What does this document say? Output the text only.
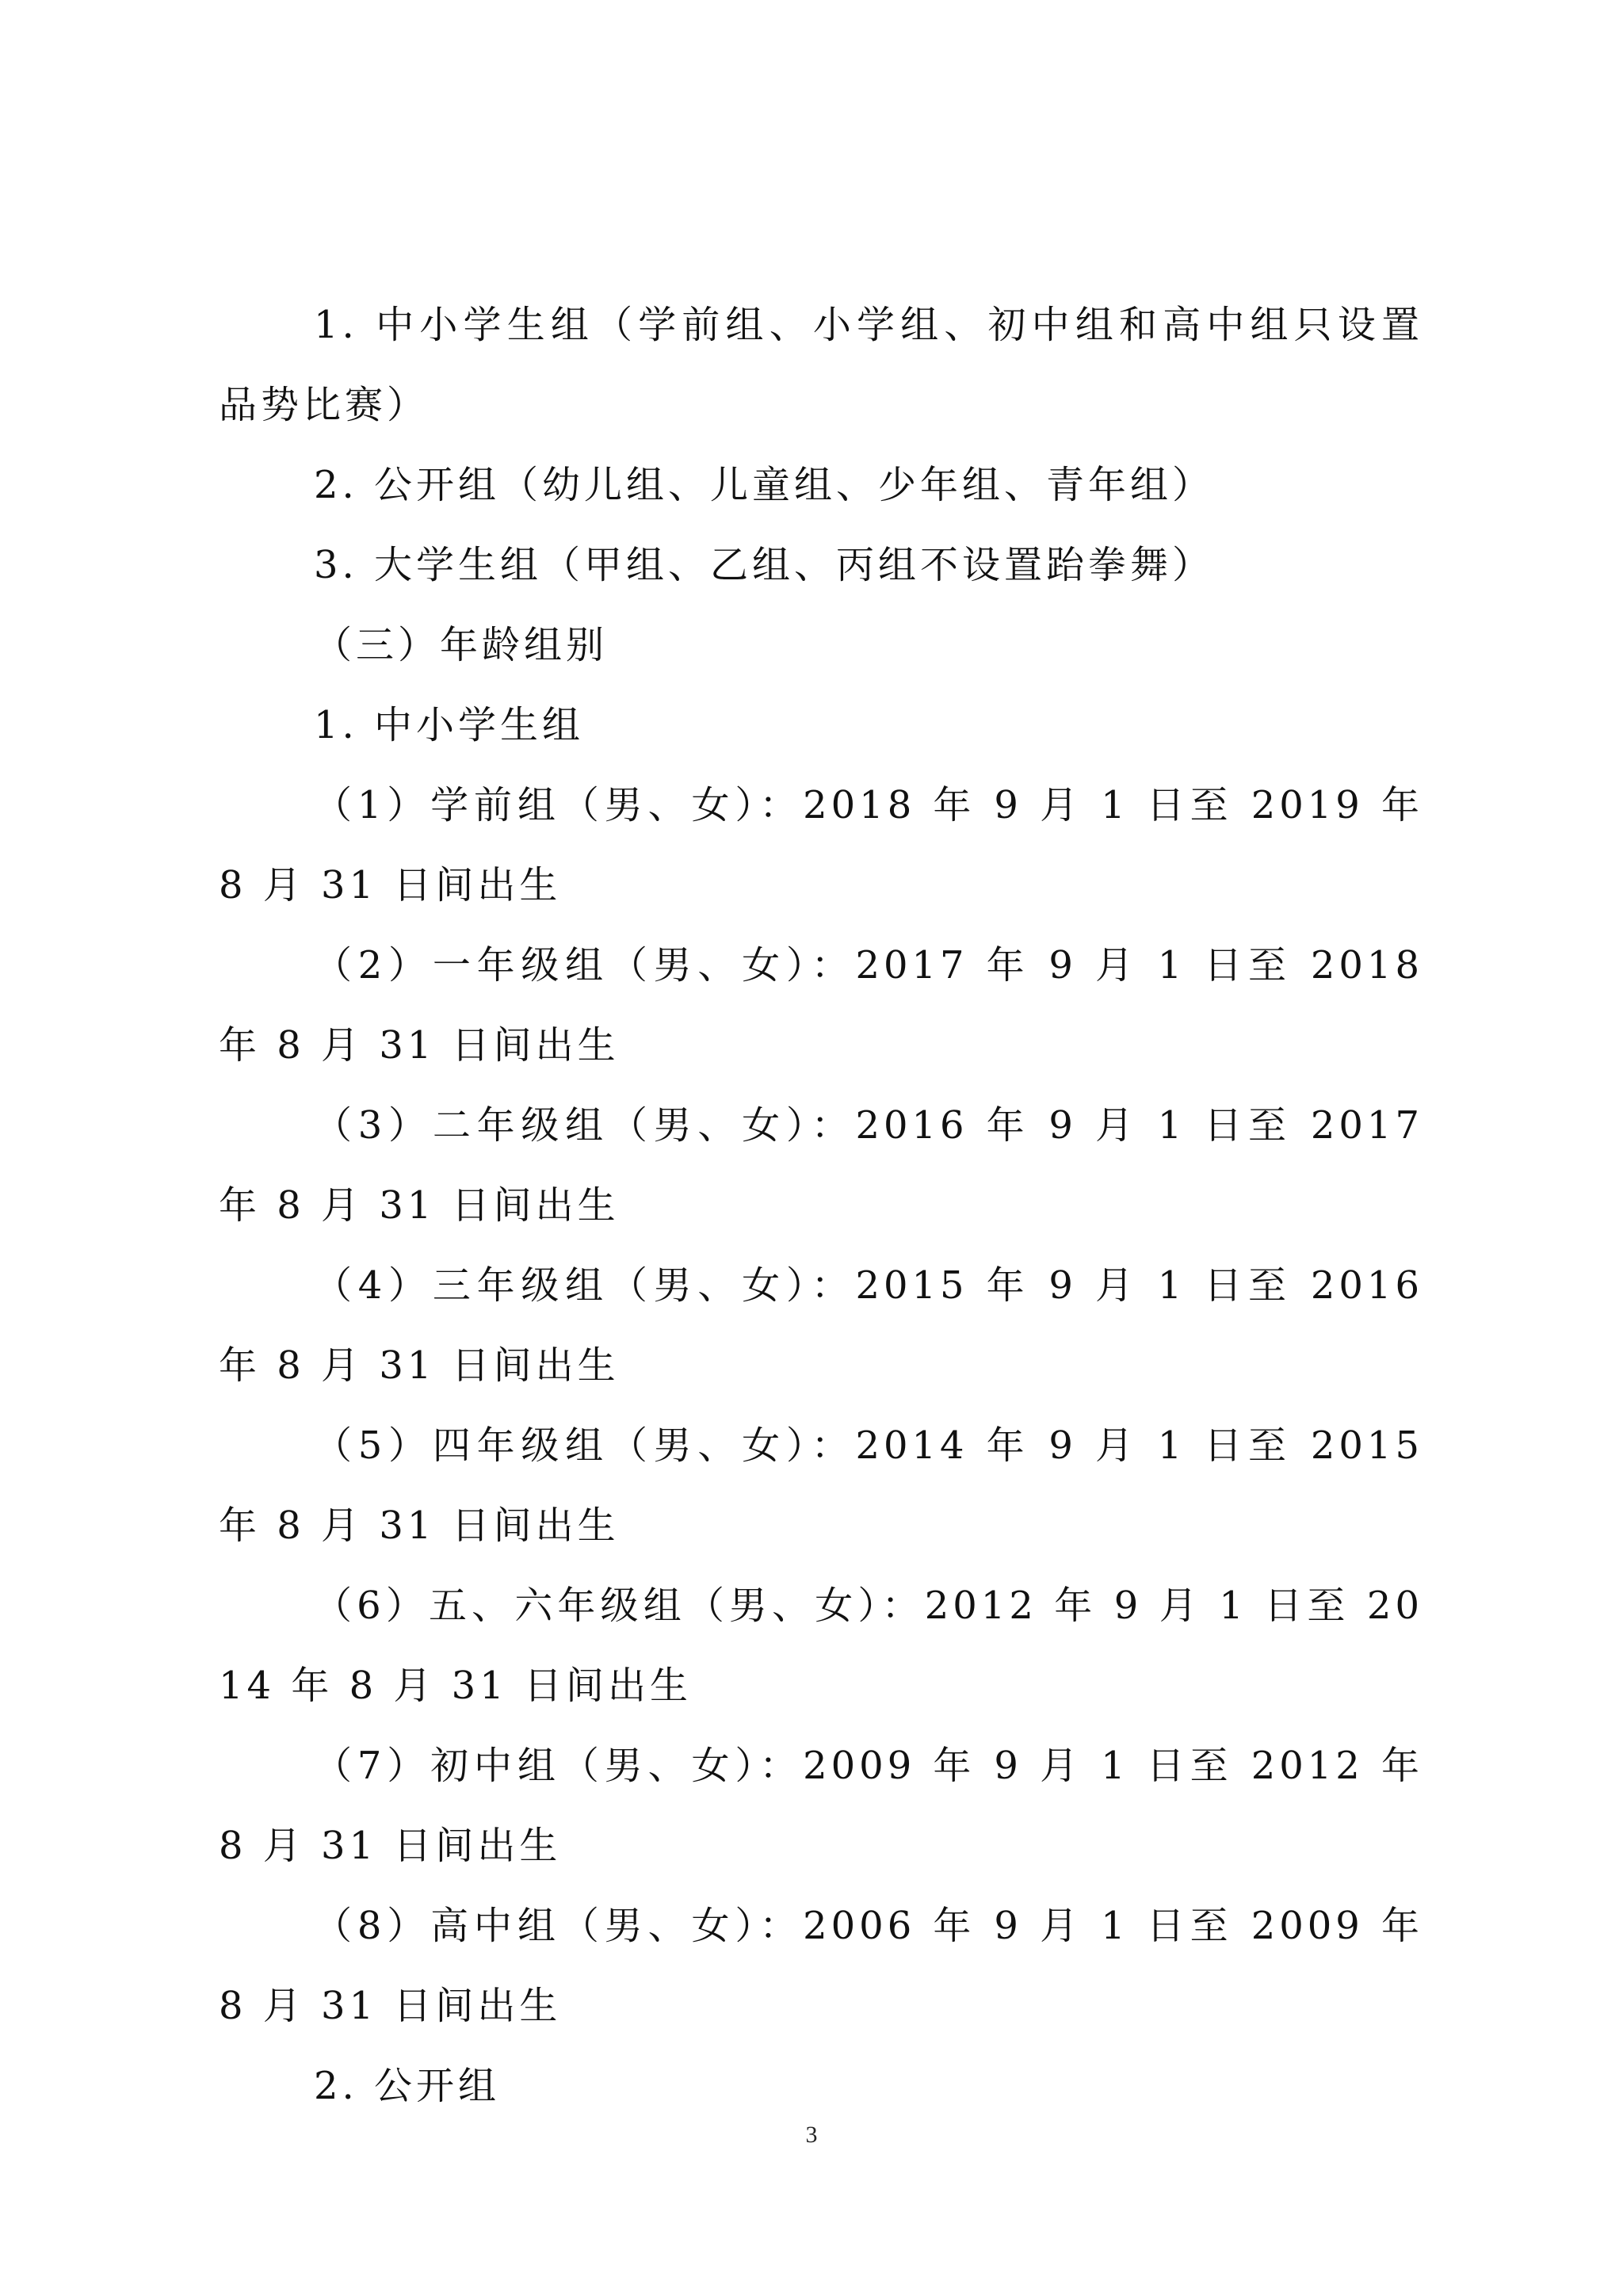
1. 中小学生组（学前组、小学组、初中组和高中组只设置品势比赛）

2. 公开组（幼儿组、儿童组、少年组、青年组）

3. 大学生组（甲组、乙组、丙组不设置跆拳舞）

（三）年龄组别

1. 中小学生组

（1）学前组（男、女）：2018 年 9 月 1 日至 2019 年 8 月 31 日间出生

（2）一年级组（男、女）：2017 年 9 月 1 日至 2018 年 8 月 31 日间出生

（3）二年级组（男、女）：2016 年 9 月 1 日至 2017 年 8 月 31 日间出生

（4）三年级组（男、女）：2015 年 9 月 1 日至 2016 年 8 月 31 日间出生

（5）四年级组（男、女）：2014 年 9 月 1 日至 2015 年 8 月 31 日间出生

（6）五、六年级组（男、女）：2012 年 9 月 1 日至 2014 年 8 月 31 日间出生

（7）初中组（男、女）：2009 年 9 月 1 日至 2012 年 8 月 31 日间出生

（8）高中组（男、女）：2006 年 9 月 1 日至 2009 年 8 月 31 日间出生

2. 公开组

3
